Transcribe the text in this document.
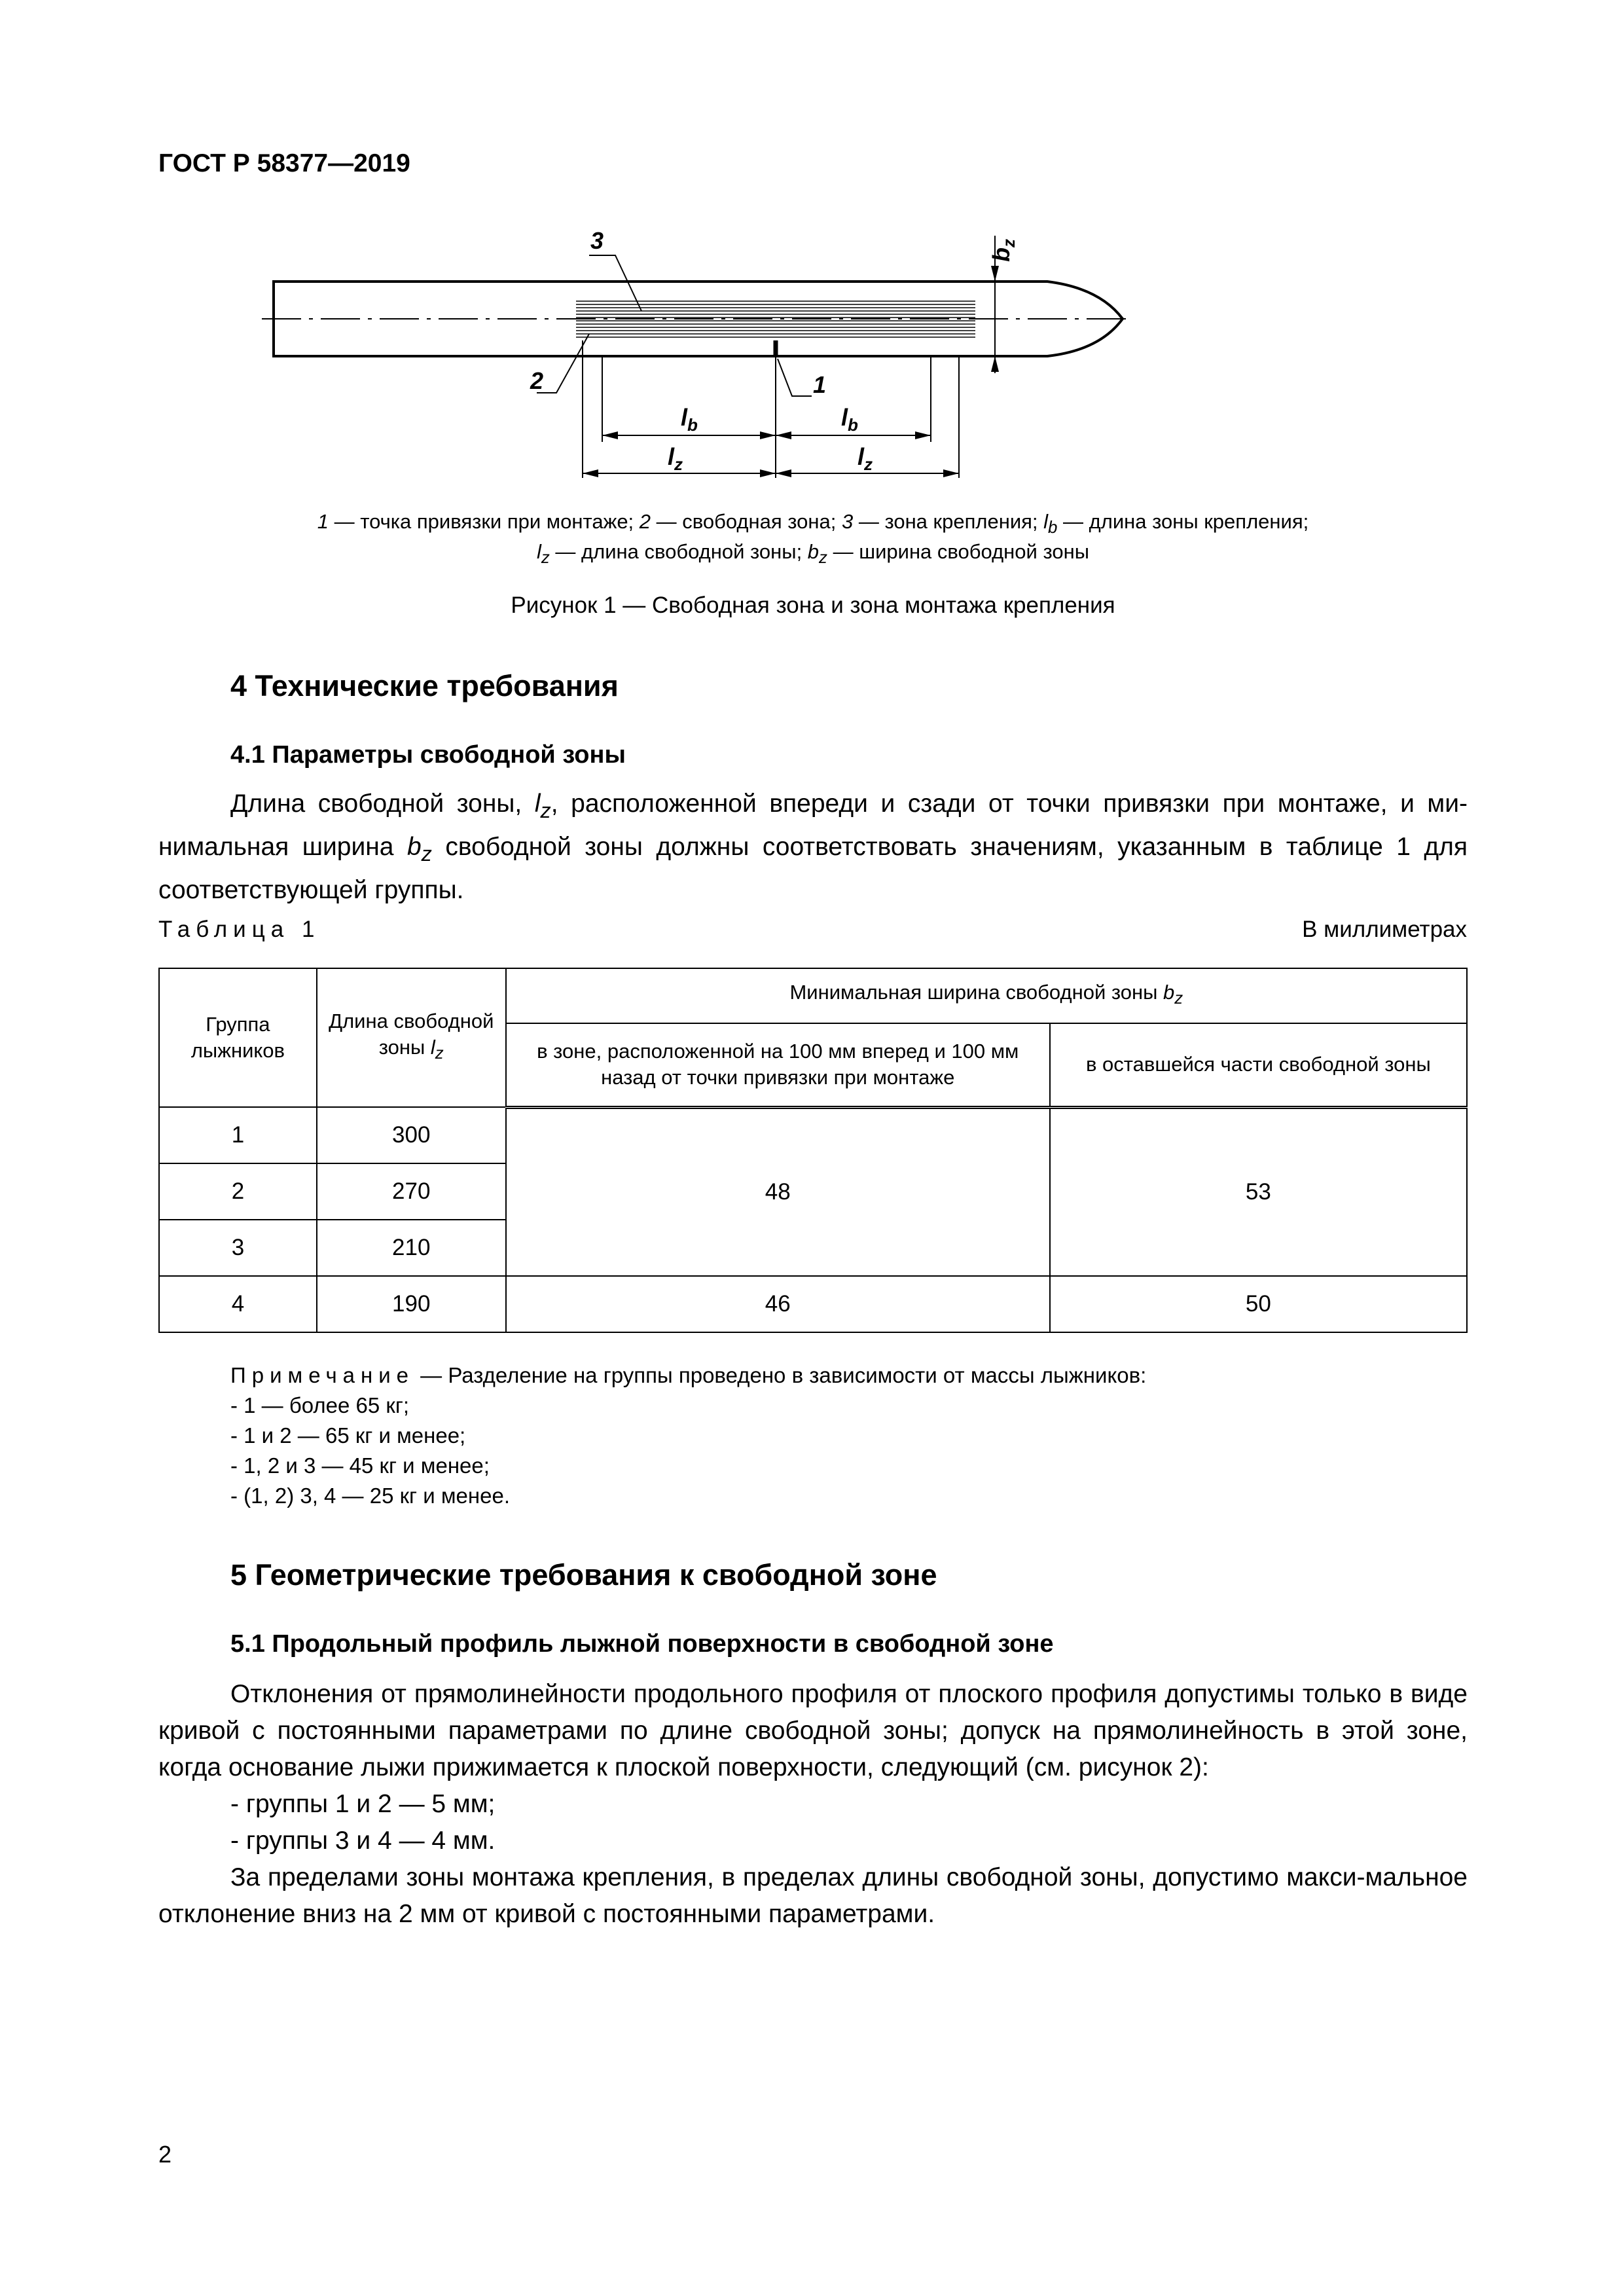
ГОСТ Р 58377—2019
3
2	1
$l_b$	$l_b$
$l_z$	$l_z$
$b_z$
1 — точка привязки при монтаже; 2 — свободная зона; 3 — зона крепления; $l_b$ — длина зоны крепления;
$l_z$ — длина свободной зоны; $b_z$ — ширина свободной зоны
Рисунок 1 — Свободная зона и зона монтажа крепления
4 Технические требования
4.1 Параметры свободной зоны
Длина свободной зоны, $l_z$, расположенной впереди и сзади от точки привязки при монтаже, и ми-нимальная ширина $b_z$ свободной зоны должны соответствовать значениям, указанным в таблице 1 для соответствующей группы.
Таблица 1	В миллиметрах
Группа лыжников	Длина свободной зоны $l_z$	Минимальная ширина свободной зоны $b_z$
		в зоне, расположенной на 100 мм вперед и 100 мм назад от точки привязки при монтаже	в оставшейся части свободной зоны
1	300	48	53
2	270		
3	210		
4	190	46	50
Примечание — Разделение на группы проведено в зависимости от массы лыжников:
- 1 — более 65 кг;
- 1 и 2 — 65 кг и менее;
- 1, 2 и 3 — 45 кг и менее;
- (1, 2) 3, 4 — 25 кг и менее.
5 Геометрические требования к свободной зоне
5.1 Продольный профиль лыжной поверхности в свободной зоне
Отклонения от прямолинейности продольного профиля от плоского профиля допустимы только в виде кривой с постоянными параметрами по длине свободной зоны; допуск на прямолинейность в этой зоне, когда основание лыжи прижимается к плоской поверхности, следующий (см. рисунок 2):
- группы 1 и 2 — 5 мм;
- группы 3 и 4 — 4 мм.
За пределами зоны монтажа крепления, в пределах длины свободной зоны, допустимо макси-мальное отклонение вниз на 2 мм от кривой с постоянными параметрами.
2
